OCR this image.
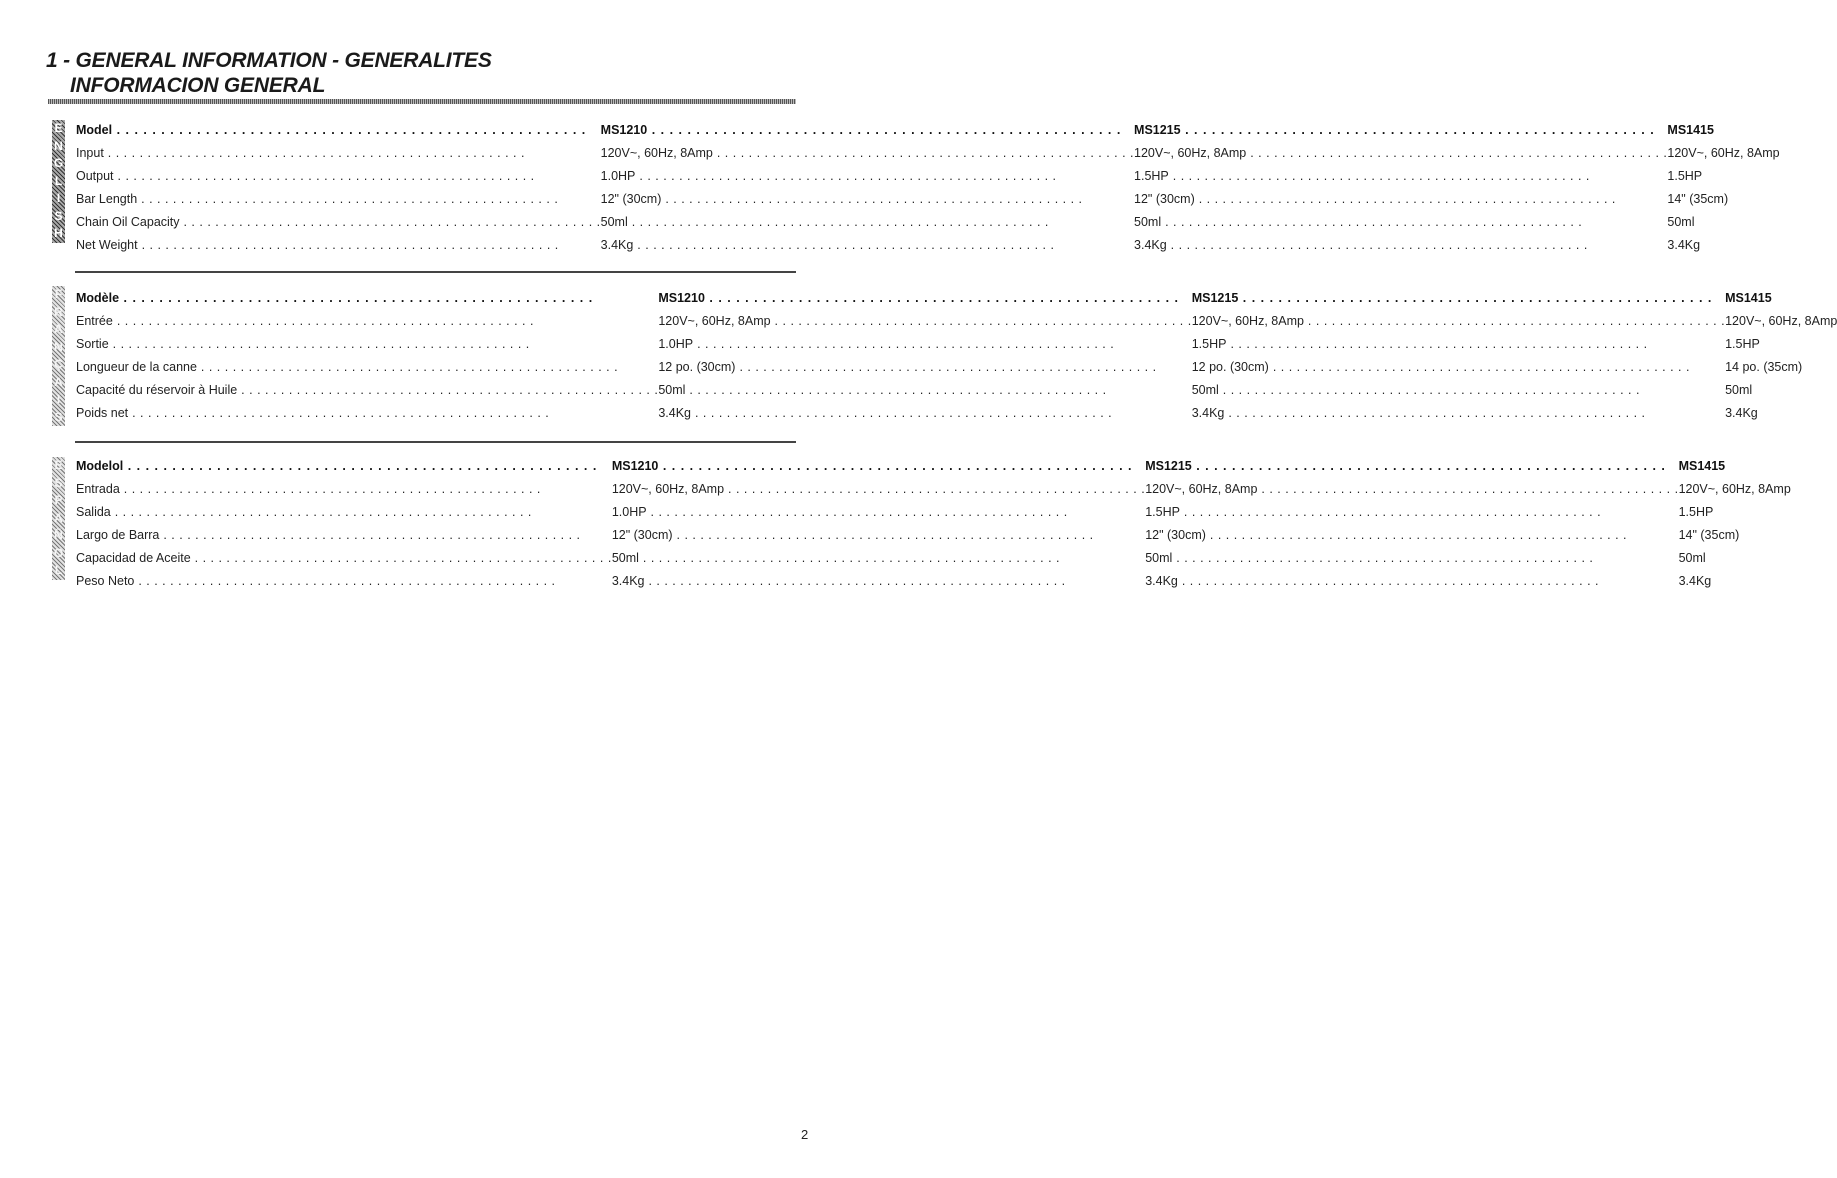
1 - GENERAL INFORMATION - GENERALITES
INFORMACION GENERAL
E
N
G
L
I
S
H
Model . . .	MS1210 . . .	MS1215 . . .	MS1415
Input . . .	120V~, 60Hz, 8Amp . . .	120V~, 60Hz, 8Amp . . .	120V~, 60Hz, 8Amp
Output . . .	1.0HP . . .	1.5HP . . .	1.5HP
Bar Length . . .	12" (30cm) . . .	12" (30cm) . . .	14" (35cm)
Chain Oil Capacity . . .	50ml . . .	50ml . . .	50ml
Net Weight . . .	3.4Kg . . .	3.4Kg . . .	3.4Kg
F
R
A
N
Ç
A
I
S
Modèle . . .	MS1210 . . .	MS1215 . . .	MS1415
Entrée . . .	120V~, 60Hz, 8Amp . . .	120V~, 60Hz, 8Amp . . .	120V~, 60Hz, 8Amp
Sortie . . .	1.0HP . . .	1.5HP . . .	1.5HP
Longueur de la canne . . .	12 po. (30cm) . . .	12 po. (30cm) . . .	14 po. (35cm)
Capacité du réservoir à Huile . . .	50ml . . .	50ml . . .	50ml
Poids net . . .	3.4Kg . . .	3.4Kg . . .	3.4Kg
E
S
P
A
Ñ
O
L
Modelol . . .	MS1210 . . .	MS1215 . . .	MS1415
Entrada . . .	120V~, 60Hz, 8Amp . . .	120V~, 60Hz, 8Amp . . .	120V~, 60Hz, 8Amp
Salida . . .	1.0HP . . .	1.5HP . . .	1.5HP
Largo de Barra . . .	12" (30cm) . . .	12" (30cm) . . .	14" (35cm)
Capacidad de Aceite . . .	50ml . . .	50ml . . .	50ml
Peso Neto . . .	3.4Kg . . .	3.4Kg . . .	3.4Kg
2
